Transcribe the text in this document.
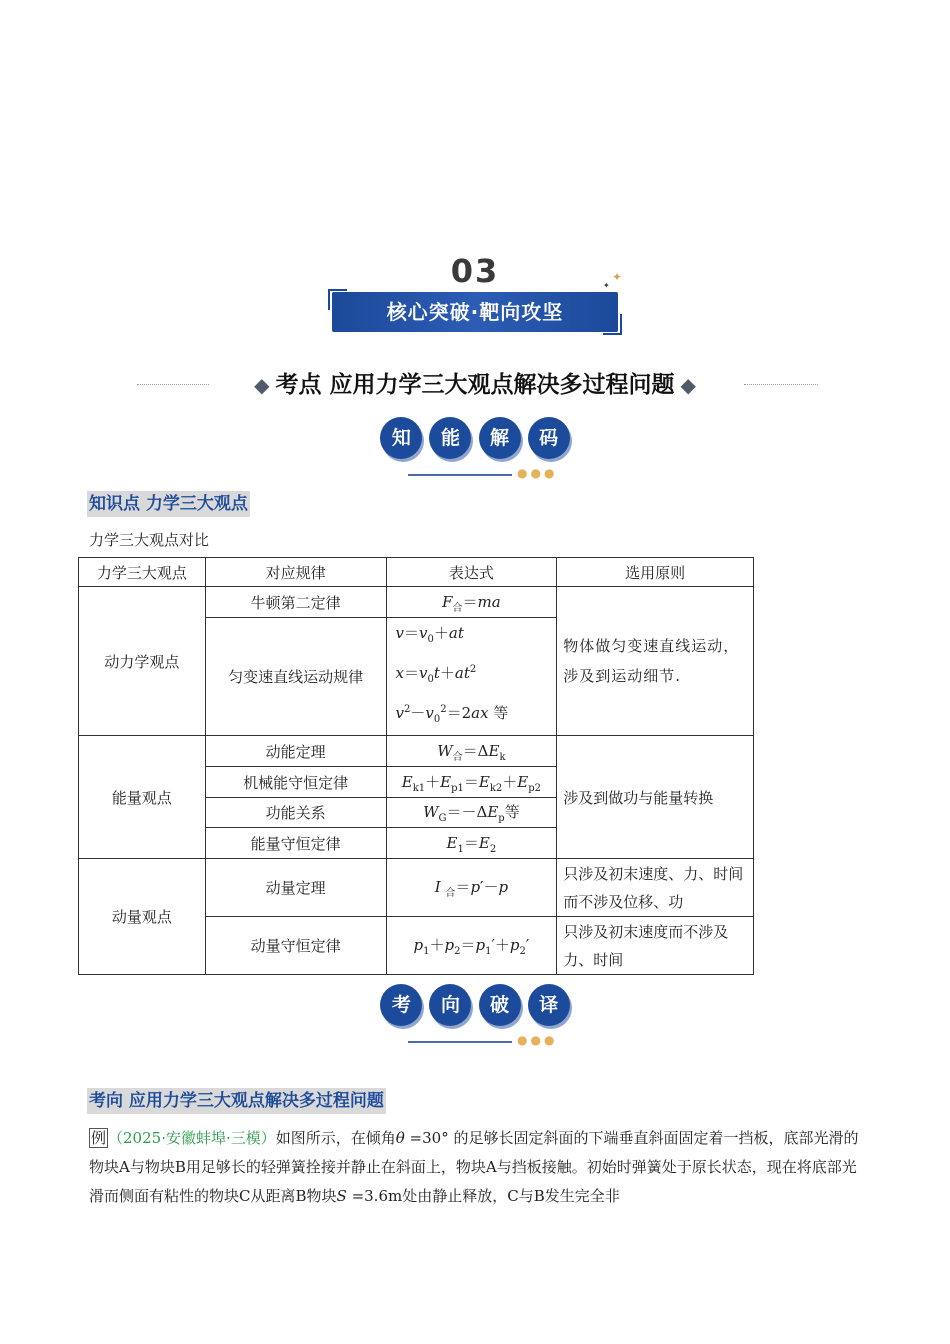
03
核心突破·靶向攻坚
✦
✦
◆ 考点 应用力学三大观点解决多过程问题 ◆
知 能 解 码
●●●
知识点 力学三大观点
力学三大观点对比
力学三大观点	对应规律	表达式	选用原则
动力学观点	牛顿第二定律	$F_合=ma$	物体做匀变速直线运动，涉及到运动细节.
	匀变速直线运动规律	$v=v_0+at$
$x=v_0t+at^2$
$v^2-v_0^2=2ax$ 等	
能量观点	动能定理	$W_合=\Delta E_k$	涉及到做功与能量转换
	机械能守恒定律	$E_{k1}+E_{p1}=E_{k2}+E_{p2}$
	功能关系	$W_G=-\Delta E_p$等	
	能量守恒定律	$E_1=E_2$
动量观点	动量定理	I $_合$＝p′－p	只涉及初末速度、力、时间而不涉及位移、功
	动量守恒定律	$p_1+p_2=p_1'+p_2'$	只涉及初末速度而不涉及力、时间
考 向 破 译
●●●
考向 应用力学三大观点解决多过程问题
例 （2025·安徽蚌埠·三模）如图所示，在倾角θ =30° 的足够长固定斜面的下端垂直斜面固定着一挡板，底部光滑的物块A与物块B用足够长的轻弹簧拴接并静止在斜面上，物块A与挡板接触。初始时弹簧处于原长状态，现在将底部光滑而侧面有粘性的物块C从距离B物块S =3.6m处由静止释放，C与B发生完全非
